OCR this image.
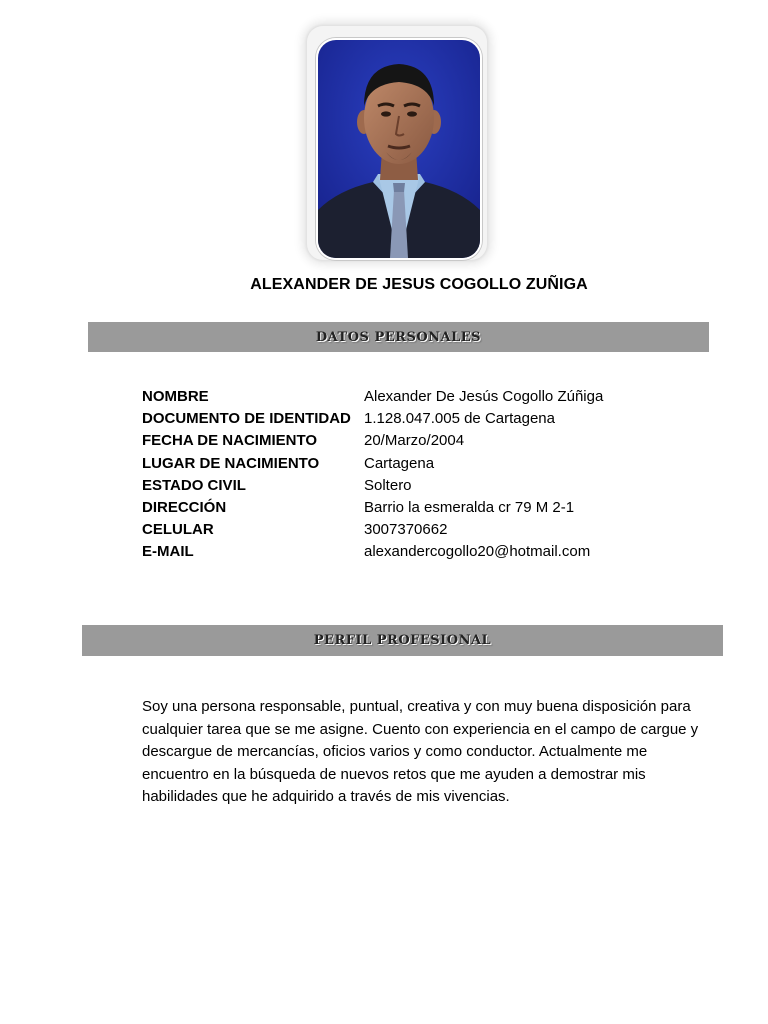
ALEXANDER DE JESUS COGOLLO ZUÑIGA
DATOS PERSONALES
NOMBRE	Alexander De Jesús Cogollo Zúñiga
DOCUMENTO DE IDENTIDAD 1.128.047.005 de Cartagena
FECHA DE NACIMIENTO	20/Marzo/2004
LUGAR DE NACIMIENTO	Cartagena
ESTADO CIVIL	Soltero
DIRECCIÓN	Barrio la esmeralda cr 79 M 2-1
CELULAR	3007370662
E-MAIL	alexandercogollo20@hotmail.com
PERFIL PROFESIONAL
Soy una persona responsable, puntual, creativa y con muy buena disposición para cualquier tarea que se me asigne. Cuento con experiencia en el campo de cargue y descargue de mercancías, oficios varios y como conductor. Actualmente me encuentro en la búsqueda de nuevos retos que me ayuden a demostrar mis habilidades que he adquirido a través de mis vivencias.
